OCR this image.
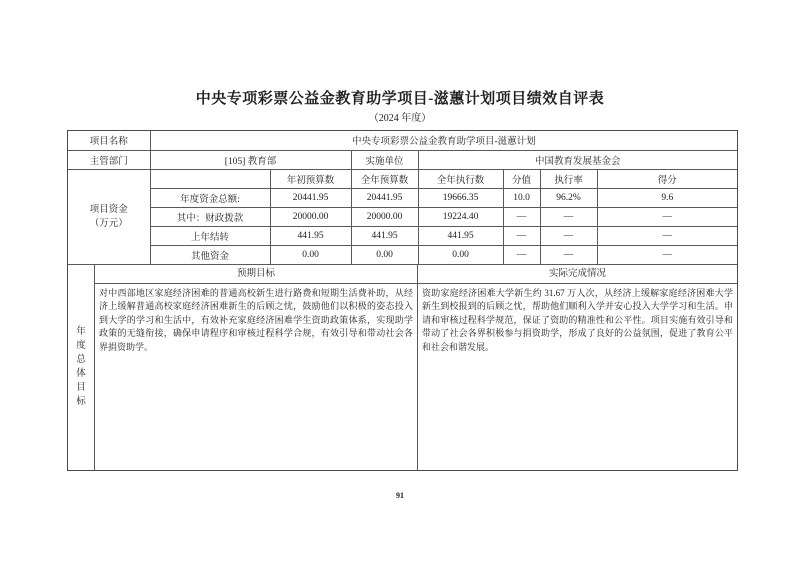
中央专项彩票公益金教育助学项目-滋蕙计划项目绩效自评表
（2024 年度）
项目名称	中央专项彩票公益金教育助学项目-滋蕙计划						
主管部门	[105] 教育部		实施单位	中国教育发展基金会			

项目资金
（万元）		年初预算数	全年预算数	全年执行数	分值	执行率	得分
	年度资金总额:	20441.95	20441.95	19666.35	10.0	96.2%	9.6
	其中：财政拨款	20000.00	20000.00	19224.40	—	—	—
	上年结转	441.95	441.95	441.95	—	—	—
	其他资金	0.00	0.00	0.00	—	—	—
年度总体目标
预期目标
对中西部地区家庭经济困难的普通高校新生进行路费和短期生活费补助，从经济上缓解普通高校家庭经济困难新生的后顾之忧，鼓励他们以积极的姿态投入到大学的学习和生活中，有效补充家庭经济困难学生资助政策体系，实现助学政策的无缝衔接，确保申请程序和审核过程科学合规，有效引导和带动社会各界捐资助学。
实际完成情况
资助家庭经济困难大学新生约 31.67 万人次，从经济上缓解家庭经济困难大学新生到校报到的后顾之忧，帮助他们顺利入学并安心投入大学学习和生活。申请和审核过程科学规范，保证了资助的精准性和公平性。项目实施有效引导和带动了社会各界积极参与捐资助学，形成了良好的公益氛围，促进了教育公平和社会和谐发展。
91
